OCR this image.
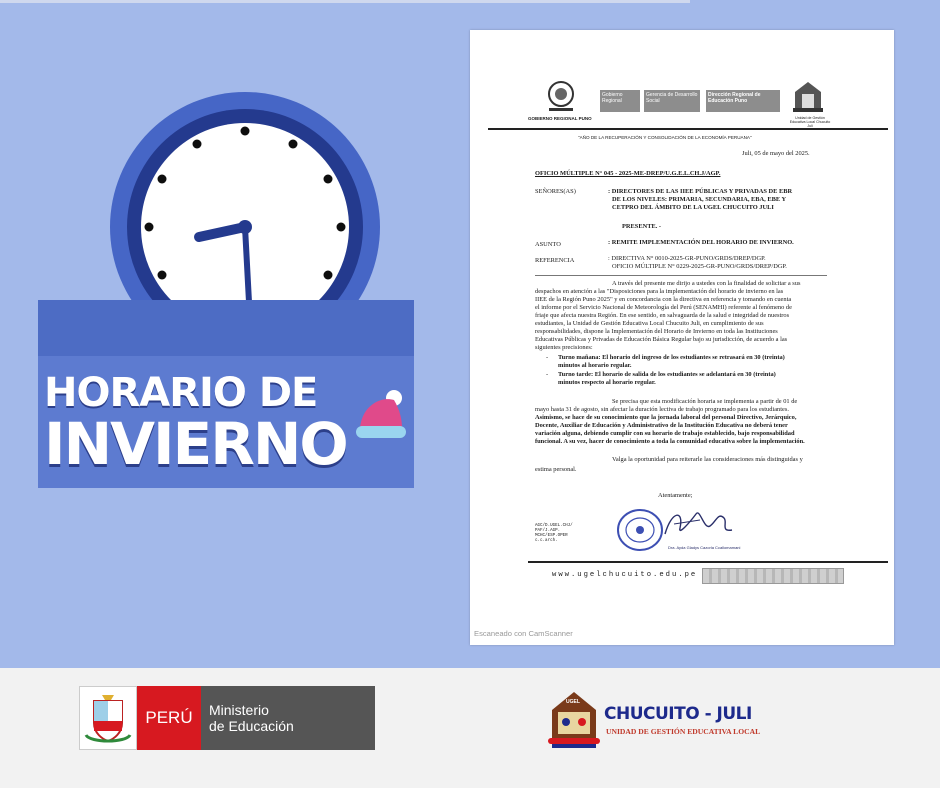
HORARIO DE
INVIERNO
GOBIERNO REGIONAL PUNO
Gobierno Regional
Gerencia de Desarrollo Social
Dirección Regional de Educación Puno
Unidad de Gestión Educativa Local Chucuito Juli
"AÑO DE LA RECUPERACIÓN Y CONSOLIDACIÓN DE LA ECONOMÍA PERUANA"
Juli, 05 de mayo del 2025.
OFICIO MÚLTIPLE N° 045 - 2025-ME-DREP/U.G.E.L.CH.J/AGP.
SEÑORES(AS)	: DIRECTORES DE LAS IIEE PÚBLICAS Y PRIVADAS DE EBR
DE LOS NIVELES: PRIMARIA, SECUNDARIA, EBA, EBE Y
CETPRO DEL ÁMBITO DE LA UGEL CHUCUITO JULI
PRESENTE. -
ASUNTO	: REMITE IMPLEMENTACIÓN DEL HORARIO DE INVIERNO.
REFERENCIA	: DIRECTIVA N° 0010-2025-GR-PUNO/GRDS/DREP/DGP.
OFICIO MÚLTIPLE N° 0229-2025-GR-PUNO/GRDS/DREP/DGP.
A través del presente me dirijo a ustedes con la finalidad de solicitar a sus
despachos en atención a las "Disposiciones para la implementación del horario de invierno en las
IIEE de la Región Puno 2025" y en concordancia con la directiva en referencia y tomando en cuenta
el informe por el Servicio Nacional de Meteorología del Perú (SENAMHI) referente al fenómeno de
friaje que afecta nuestra Región. En ese sentido, en salvaguarda de la salud e integridad de nuestros
estudiantes, la Unidad de Gestión Educativa Local Chucuito Juli, en cumplimiento de sus
responsabilidades, dispone la Implementación del Horario de Invierno en toda las Instituciones
Educativas Públicas y Privadas de Educación Básica Regular bajo su jurisdicción, de acuerdo a las
siguientes precisiones:
- Turno mañana: El horario del ingreso de los estudiantes se retrasará en 30 (treinta)
minutos al horario regular.
- Turno tarde: El horario de salida de los estudiantes se adelantará en 30 (treinta)
minutos respecto al horario regular.
Se precisa que esta modificación horaria se implementa a partir de 01 de
mayo hasta 31 de agosto, sin afectar la duración lectiva de trabajo programado para los estudiantes.
Asimismo, se hace de su conocimiento que la jornada laboral del personal Directivo, Jerárquico,
Docente, Auxiliar de Educación y Administrativo de la Institución Educativa no deberá tener
variación alguna, debiendo cumplir con su horario de trabajo establecido, bajo responsabilidad
funcional. A su vez, hacer de conocimiento a toda la comunidad educativa sobre la implementación.
Valga la oportunidad para reiterarle las consideraciones más distinguidas y
estima personal.
Atentamente;
AGC/D.UGEL.CHJ/
PAF/J.AGP.
MCHC/ESP.OPER
c.c.arch.
Dra. Ayda Gladys Cazorla Ccallomamani
www.ugelchucuito.edu.pe
Escaneado con CamScanner
PERÚ	Ministerio
de Educación
UGEL
CHUCUITO - JULI
UNIDAD DE GESTIÓN EDUCATIVA LOCAL
